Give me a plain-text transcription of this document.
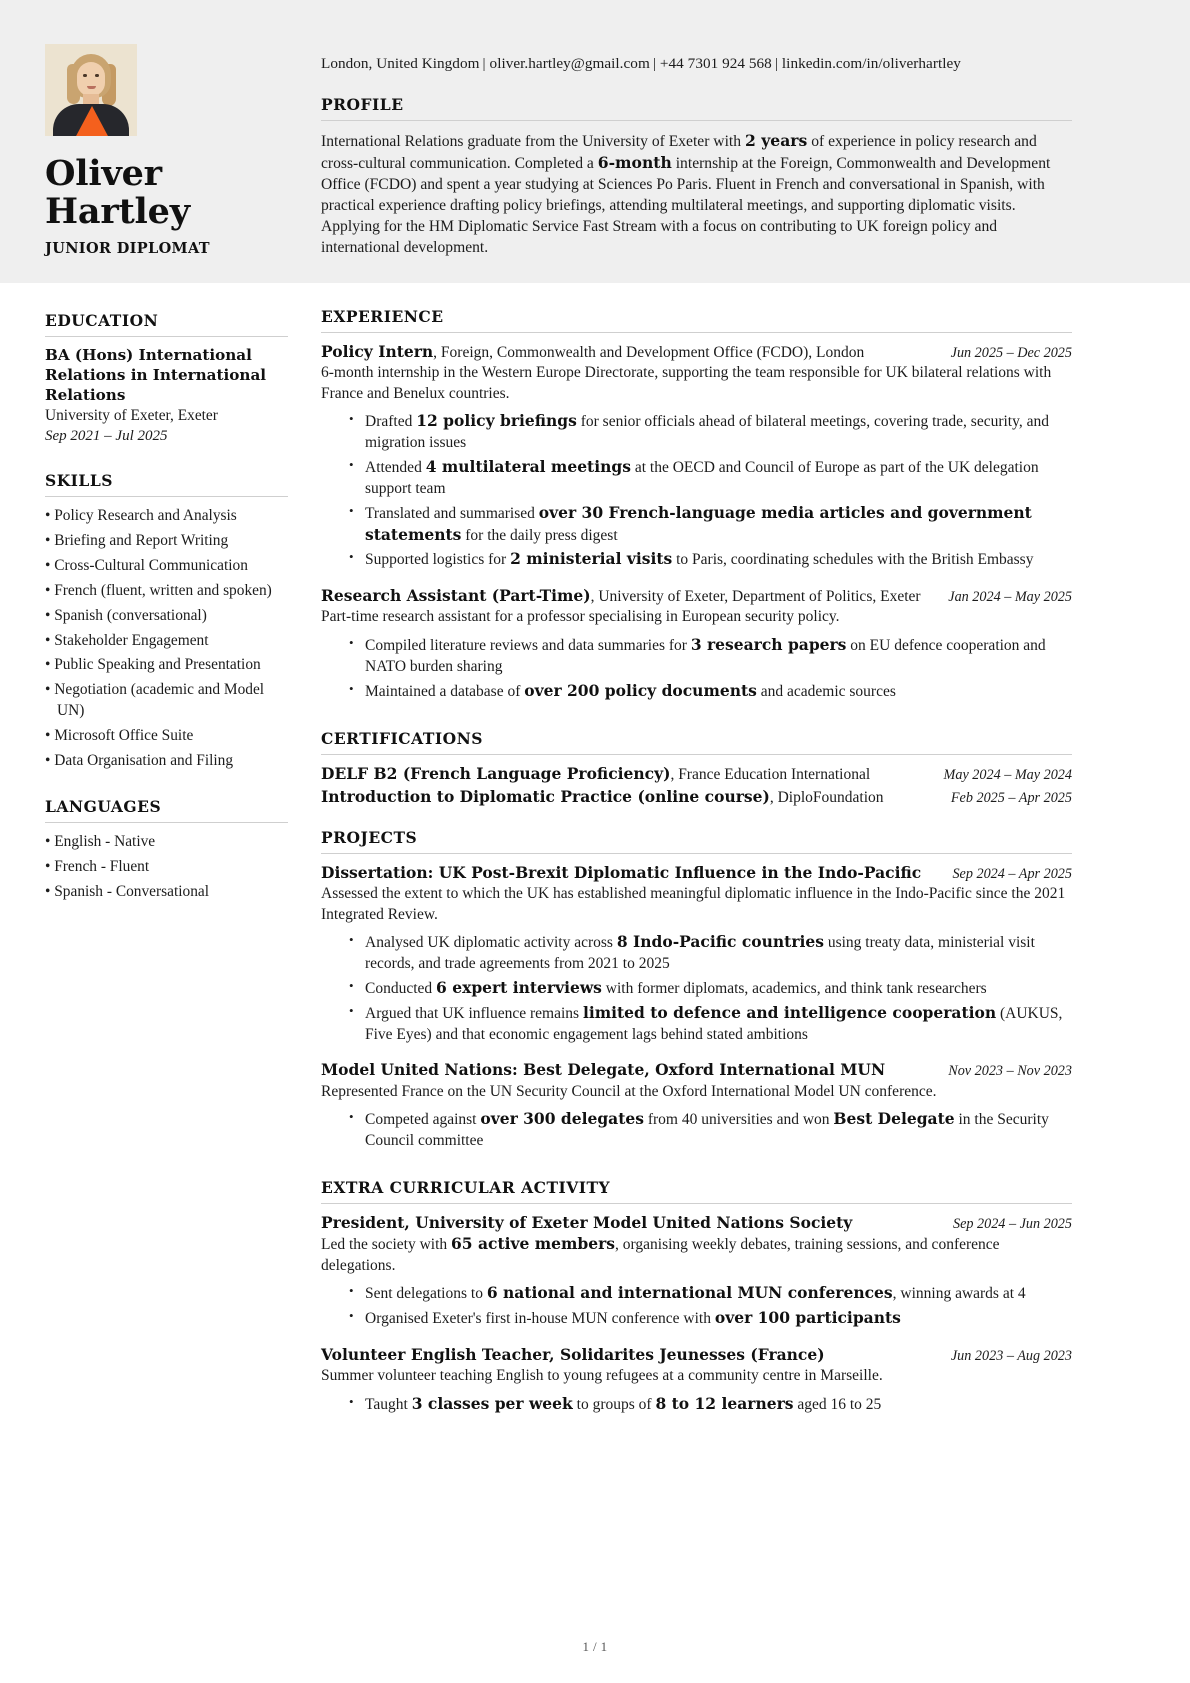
Oliver
Hartley
JUNIOR DIPLOMAT
London, United Kingdom | oliver.hartley@gmail.com | +44 7301 924 568 | linkedin.com/in/oliverhartley
PROFILE
International Relations graduate from the University of Exeter with 2 years of experience in policy research and cross-cultural communication. Completed a 6-month internship at the Foreign, Commonwealth and Development Office (FCDO) and spent a year studying at Sciences Po Paris. Fluent in French and conversational in Spanish, with practical experience drafting policy briefings, attending multilateral meetings, and supporting diplomatic visits. Applying for the HM Diplomatic Service Fast Stream with a focus on contributing to UK foreign policy and international development.
EDUCATION
BA (Hons) International Relations in International Relations
University of Exeter, Exeter
Sep 2021 – Jul 2025
SKILLS
• Policy Research and Analysis
• Briefing and Report Writing
• Cross-Cultural Communication
• French (fluent, written and spoken)
• Spanish (conversational)
• Stakeholder Engagement
• Public Speaking and Presentation
• Negotiation (academic and Model UN)
• Microsoft Office Suite
• Data Organisation and Filing
LANGUAGES
• English - Native
• French - Fluent
• Spanish - Conversational
EXPERIENCE
Policy Intern, Foreign, Commonwealth and Development Office (FCDO), London	Jun 2025 – Dec 2025
6-month internship in the Western Europe Directorate, supporting the team responsible for UK bilateral relations with France and Benelux countries.
• Drafted 12 policy briefings for senior officials ahead of bilateral meetings, covering trade, security, and migration issues
• Attended 4 multilateral meetings at the OECD and Council of Europe as part of the UK delegation support team
• Translated and summarised over 30 French-language media articles and government statements for the daily press digest
• Supported logistics for 2 ministerial visits to Paris, coordinating schedules with the British Embassy
Research Assistant (Part-Time), University of Exeter, Department of Politics, Exeter	Jan 2024 – May 2025
Part-time research assistant for a professor specialising in European security policy.
• Compiled literature reviews and data summaries for 3 research papers on EU defence cooperation and NATO burden sharing
• Maintained a database of over 200 policy documents and academic sources
CERTIFICATIONS
DELF B2 (French Language Proficiency), France Education International	May 2024 – May 2024
Introduction to Diplomatic Practice (online course), DiploFoundation	Feb 2025 – Apr 2025
PROJECTS
Dissertation: UK Post-Brexit Diplomatic Influence in the Indo-Pacific	Sep 2024 – Apr 2025
Assessed the extent to which the UK has established meaningful diplomatic influence in the Indo-Pacific since the 2021 Integrated Review.
• Analysed UK diplomatic activity across 8 Indo-Pacific countries using treaty data, ministerial visit records, and trade agreements from 2021 to 2025
• Conducted 6 expert interviews with former diplomats, academics, and think tank researchers
• Argued that UK influence remains limited to defence and intelligence cooperation (AUKUS, Five Eyes) and that economic engagement lags behind stated ambitions
Model United Nations: Best Delegate, Oxford International MUN	Nov 2023 – Nov 2023
Represented France on the UN Security Council at the Oxford International Model UN conference.
• Competed against over 300 delegates from 40 universities and won Best Delegate in the Security Council committee
EXTRA CURRICULAR ACTIVITY
President, University of Exeter Model United Nations Society	Sep 2024 – Jun 2025
Led the society with 65 active members, organising weekly debates, training sessions, and conference delegations.
• Sent delegations to 6 national and international MUN conferences, winning awards at 4
• Organised Exeter's first in-house MUN conference with over 100 participants
Volunteer English Teacher, Solidarites Jeunesses (France)	Jun 2023 – Aug 2023
Summer volunteer teaching English to young refugees at a community centre in Marseille.
• Taught 3 classes per week to groups of 8 to 12 learners aged 16 to 25
1 / 1
